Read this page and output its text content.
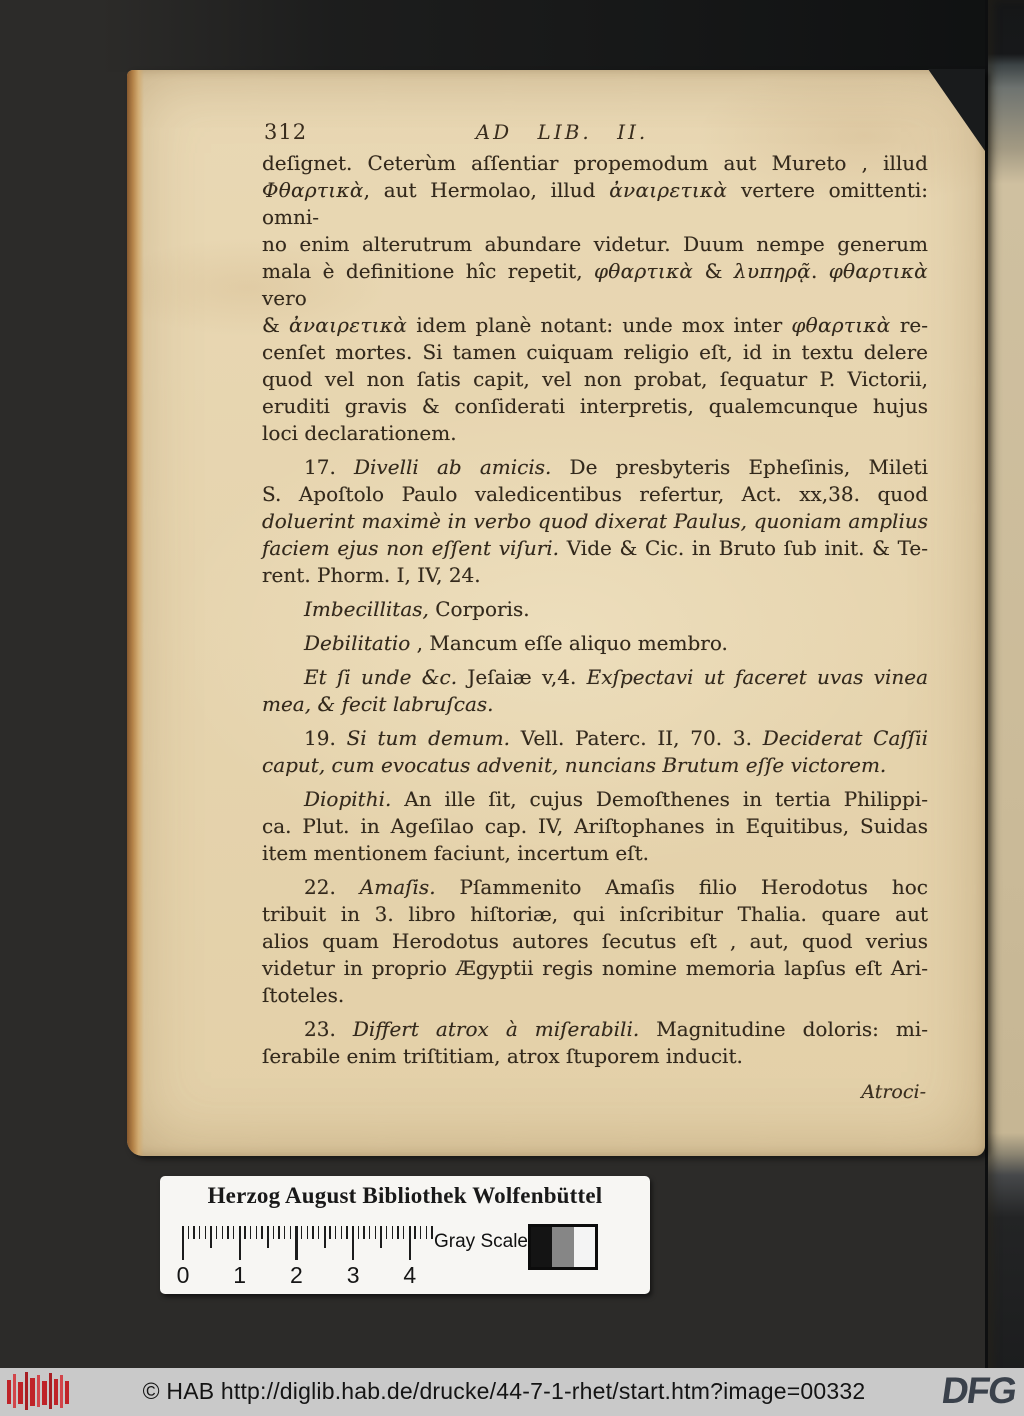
312	AD LIB. II.
deſignet. Ceterùm aſſentiar propemodum aut Mureto , illud
Φθαρτικὰ, aut Hermolao, illud ἀναιρετικὰ vertere omittenti: omni-
no enim alterutrum abundare videtur. Duum nempe generum
mala è definitione hîc repetit, φθαρτικὰ & λυπηρᾷ. φθαρτικὰ vero
& ἀναιρετικὰ idem planè notant: unde mox inter φθαρτικὰ re-
cenſet mortes. Si tamen cuiquam religio eſt, id in textu delere
quod vel non ſatis capit, vel non probat, ſequatur P. Victorii,
eruditi gravis & conſiderati interpretis, qualemcunque hujus
loci declarationem.
17. Divelli ab amicis. De presbyteris Epheſinis, Mileti
S. Apoſtolo Paulo valedicentibus refertur, Act. xx,38. quod
doluerint maximè in verbo quod dixerat Paulus, quoniam amplius
faciem ejus non eſſent viſuri. Vide & Cic. in Bruto ſub init. & Te-
rent. Phorm. I, IV, 24.
Imbecillitas, Corporis.
Debilitatio , Mancum eſſe aliquo membro.
Et ſi unde &c. Jeſaiæ v,4. Exſpectavi ut faceret uvas vinea
mea, & fecit labruſcas.
19. Si tum demum. Vell. Paterc. II, 70. 3. Deciderat Caſſii
caput, cum evocatus advenit, nuncians Brutum eſſe victorem.
Diopithi. An ille ſit, cujus Demoſthenes in tertia Philippi-
ca. Plut. in Ageſilao cap. IV, Ariſtophanes in Equitibus, Suidas
item mentionem faciunt, incertum eſt.
22. Amaſis. Pſammenito Amaſis filio Herodotus hoc
tribuit in 3. libro hiſtoriæ, qui inſcribitur Thalia. quare aut
alios quam Herodotus autores ſecutus eſt , aut, quod verius
videtur in proprio Ægyptii regis nomine memoria lapſus eſt Ari-
ſtoteles.
23. Differt atrox à miſerabili. Magnitudine doloris: mi-
ſerabile enim triſtitiam, atrox ſtuporem inducit.
Atroci-
Herzog August Bibliothek Wolfenbüttel
0 1 2 3 4
Gray Scale
© HAB http://diglib.hab.de/drucke/44-7-1-rhet/start.htm?image=00332	DFG
